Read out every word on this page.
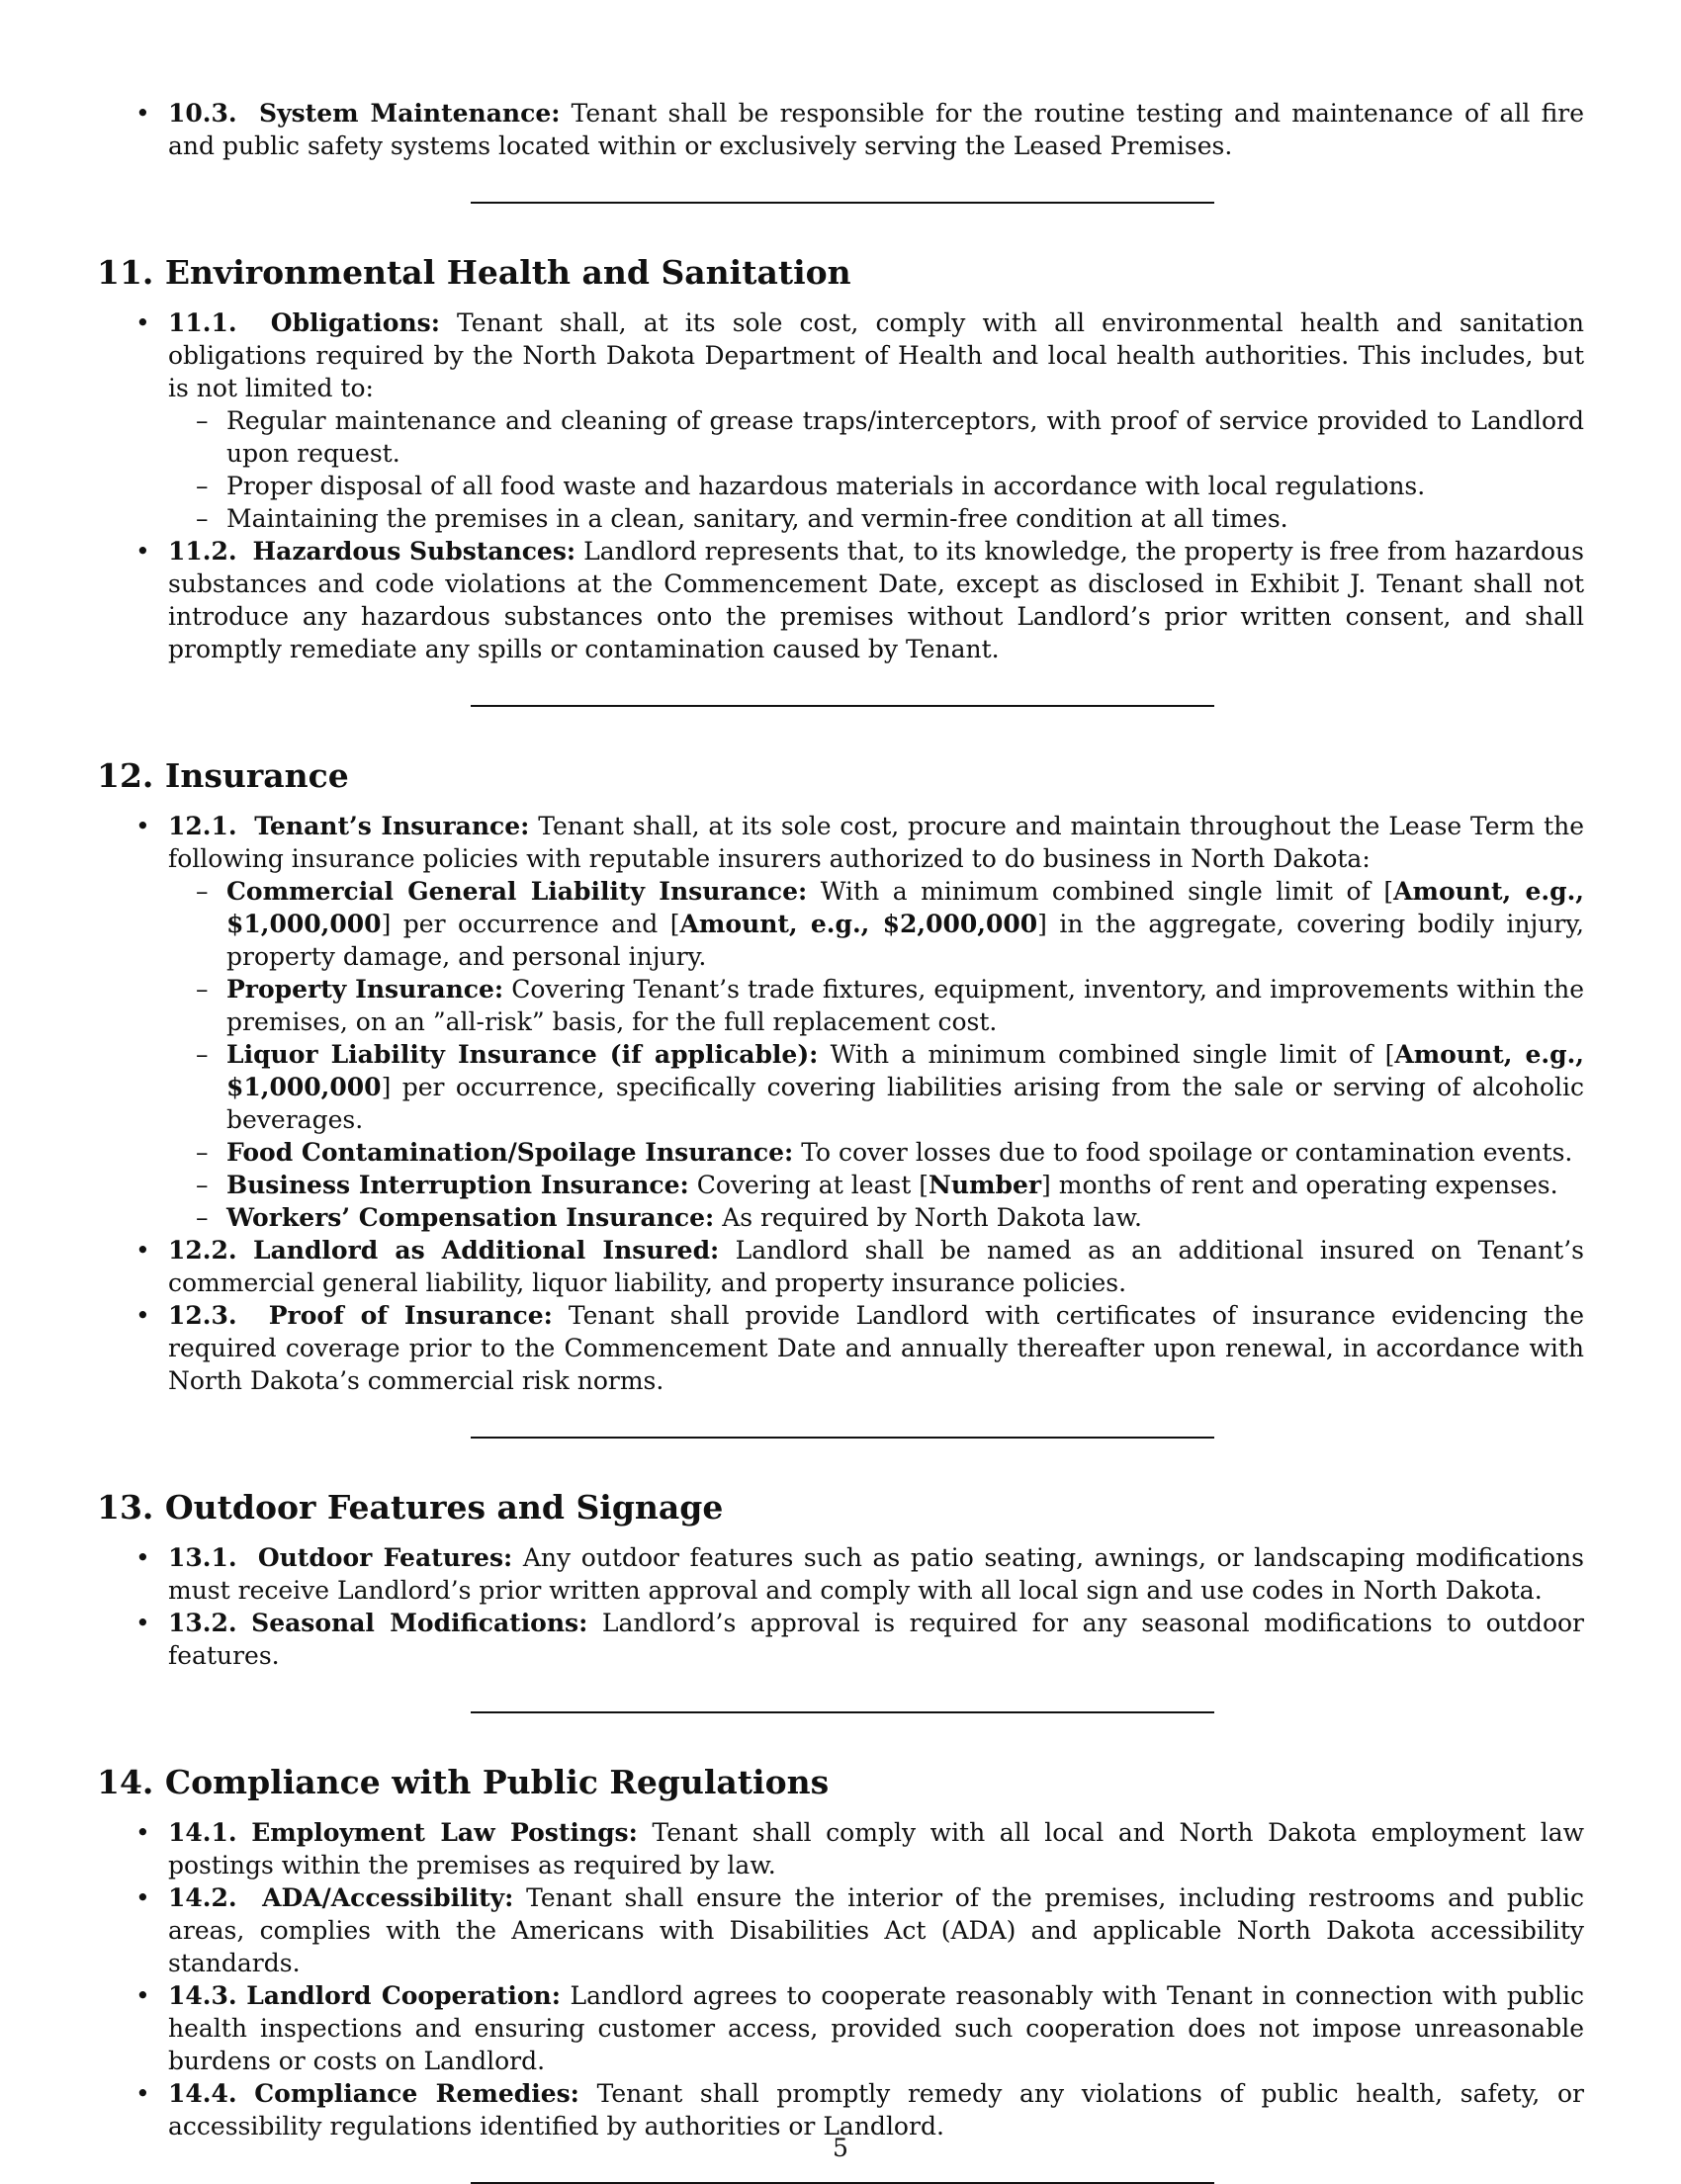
• 10.3. System Maintenance: Tenant shall be responsible for the routine testing and maintenance of all fire and public safety systems located within or exclusively serving the Leased Premises.
11. Environmental Health and Sanitation
• 11.1. Obligations: Tenant shall, at its sole cost, comply with all environmental health and sanitation obligations required by the North Dakota Department of Health and local health authorities. This includes, but is not limited to:
– Regular maintenance and cleaning of grease traps/interceptors, with proof of service provided to Landlord upon request.
– Proper disposal of all food waste and hazardous materials in accordance with local regulations.
– Maintaining the premises in a clean, sanitary, and vermin-free condition at all times.
• 11.2. Hazardous Substances: Landlord represents that, to its knowledge, the property is free from hazardous substances and code violations at the Commencement Date, except as disclosed in Exhibit J. Tenant shall not introduce any hazardous substances onto the premises without Landlord’s prior written consent, and shall promptly remediate any spills or contamination caused by Tenant.
12. Insurance
• 12.1. Tenant’s Insurance: Tenant shall, at its sole cost, procure and maintain throughout the Lease Term the following insurance policies with reputable insurers authorized to do business in North Dakota:
– Commercial General Liability Insurance: With a minimum combined single limit of [Amount, e.g., $1,000,000] per occurrence and [Amount, e.g., $2,000,000] in the aggregate, covering bodily injury, property damage, and personal injury.
– Property Insurance: Covering Tenant’s trade fixtures, equipment, inventory, and improvements within the premises, on an ”all-risk” basis, for the full replacement cost.
– Liquor Liability Insurance (if applicable): With a minimum combined single limit of [Amount, e.g., $1,000,000] per occurrence, specifically covering liabilities arising from the sale or serving of alcoholic beverages.
– Food Contamination/Spoilage Insurance: To cover losses due to food spoilage or contamination events.
– Business Interruption Insurance: Covering at least [Number] months of rent and operating expenses.
– Workers’ Compensation Insurance: As required by North Dakota law.
• 12.2. Landlord as Additional Insured: Landlord shall be named as an additional insured on Tenant’s commercial general liability, liquor liability, and property insurance policies.
• 12.3. Proof of Insurance: Tenant shall provide Landlord with certificates of insurance evidencing the required coverage prior to the Commencement Date and annually thereafter upon renewal, in accordance with North Dakota’s commercial risk norms.
13. Outdoor Features and Signage
• 13.1. Outdoor Features: Any outdoor features such as patio seating, awnings, or landscaping modifications must receive Landlord’s prior written approval and comply with all local sign and use codes in North Dakota.
• 13.2. Seasonal Modifications: Landlord’s approval is required for any seasonal modifications to outdoor features.
14. Compliance with Public Regulations
• 14.1. Employment Law Postings: Tenant shall comply with all local and North Dakota employment law postings within the premises as required by law.
• 14.2. ADA/Accessibility: Tenant shall ensure the interior of the premises, including restrooms and public areas, complies with the Americans with Disabilities Act (ADA) and applicable North Dakota accessibility standards.
• 14.3. Landlord Cooperation: Landlord agrees to cooperate reasonably with Tenant in connection with public health inspections and ensuring customer access, provided such cooperation does not impose unreasonable burdens or costs on Landlord.
• 14.4. Compliance Remedies: Tenant shall promptly remedy any violations of public health, safety, or accessibility regulations identified by authorities or Landlord.
5
